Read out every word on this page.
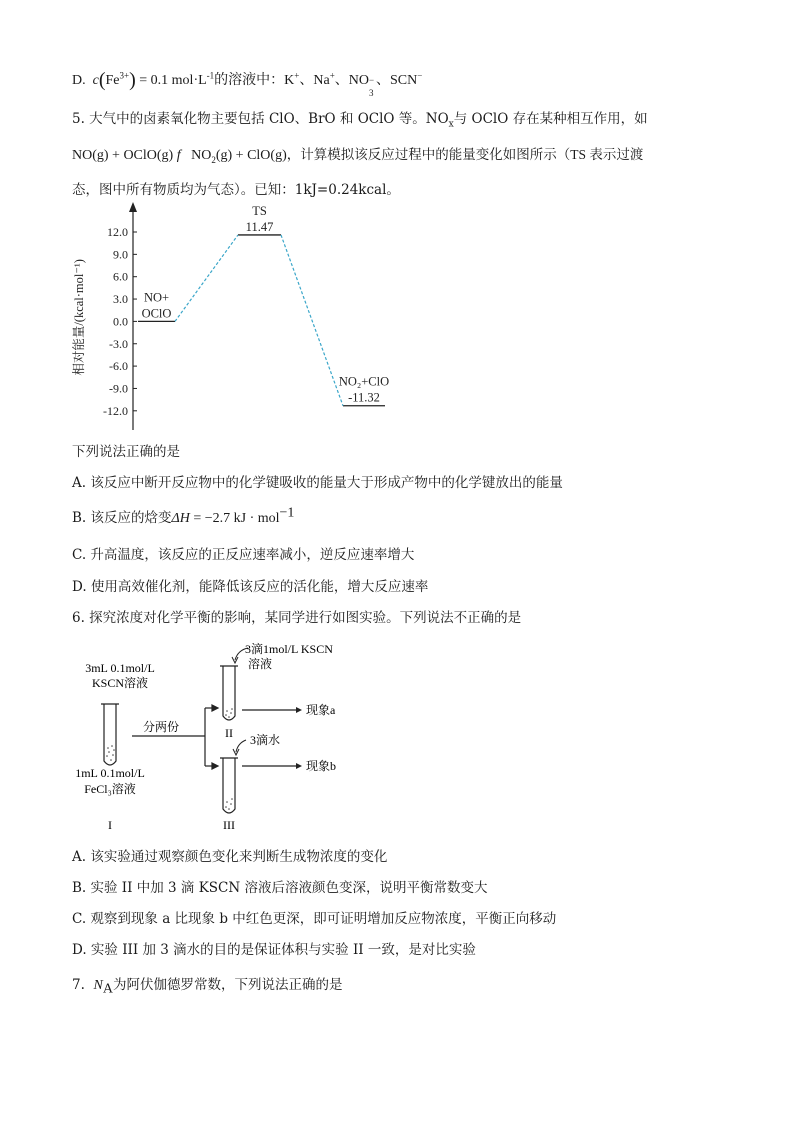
D. $c(Fe^{3+}) = 0.1$ $mol\cdot L^{-1}$的溶液中：K+、Na+、NO −
3
、SCN−
5. 大气中的卤素氧化物主要包括 ClO、BrO 和 OClO 等。$NO_x$与 OClO 存在某种相互作用，如
NO(g) + OClO(g) f $NO_2(g) + ClO(g)$，计算模拟该反应过程中的能量变化如图所示（TS 表示过渡
态，图中所有物质均为气态）。已知：1kJ=0.24kcal。
12.0
9.0
6.0
3.0
0.0
-3.0
-6.0
-9.0
-12.0
相对能量/(kcal·mol⁻¹)	NO+
OClO
TS
11.47
NO₂+ClO
-11.32
下列说法正确的是
A. 该反应中断开反应物中的化学键吸收的能量大于形成产物中的化学键放出的能量
B. 该反应的焓变ΔH = −2.7 kJ · mol$^{-1}$
C. 升高温度，该反应的正反应速率减小，逆反应速率增大
D. 使用高效催化剂，能降低该反应的活化能，增大反应速率
6. 探究浓度对化学平衡的影响，某同学进行如图实验。下列说法不正确的是
3mL 0.1mol/L
KSCN溶液
1mL 0.1mol/L
FeCl₃溶液
I
分两份
3滴1mol/L KSCN
溶液
II
现象a
3滴水
III
现象b
A. 该实验通过观察颜色变化来判断生成物浓度的变化
B. 实验 II 中加 3 滴 KSCN 溶液后溶液颜色变深，说明平衡常数变大
C. 观察到现象 a 比现象 b 中红色更深，即可证明增加反应物浓度，平衡正向移动
D. 实验 III 加 3 滴水的目的是保证体积与实验 II 一致，是对比实验
7. $N_A$为阿伏伽德罗常数，下列说法正确的是
